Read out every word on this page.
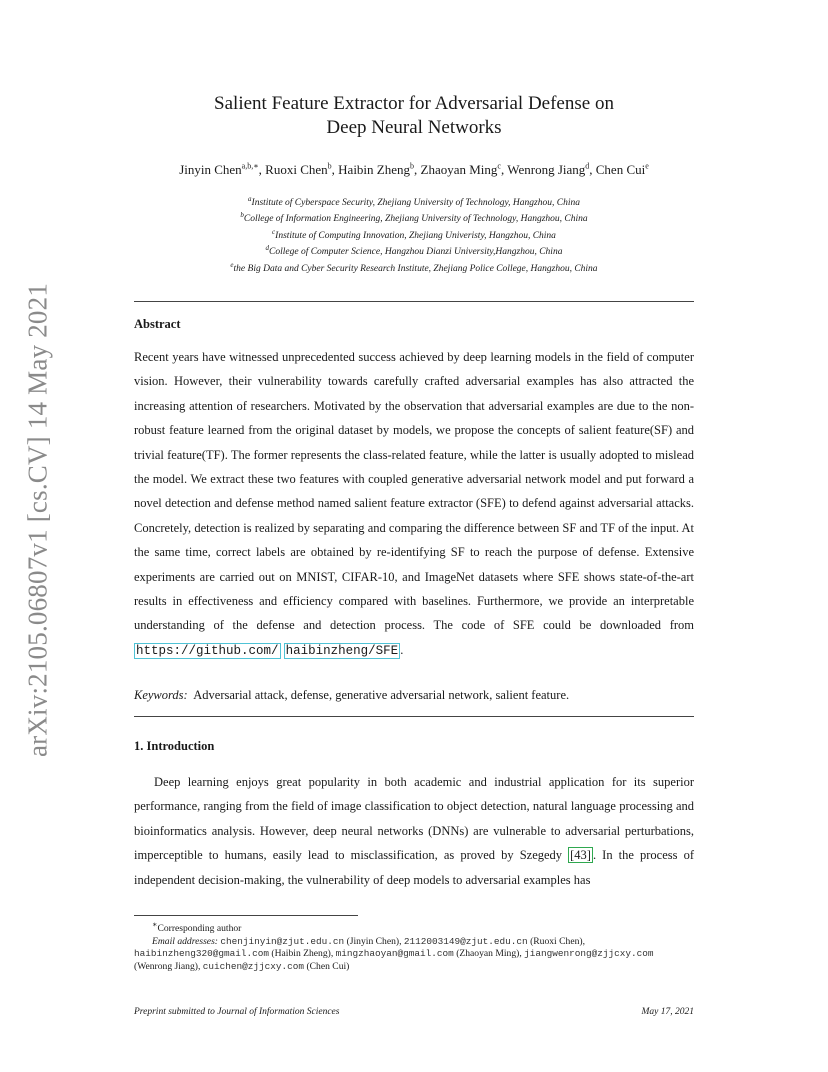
arXiv:2105.06807v1 [cs.CV] 14 May 2021
Salient Feature Extractor for Adversarial Defense on
Deep Neural Networks
Jinyin Chen$^{a,b,∗}$, Ruoxi Chen$^b$, Haibin Zheng$^b$, Zhaoyan Ming$^c$, Wenrong Jiang$^d$, Chen Cui$^e$
$^a$Institute of Cyberspace Security, Zhejiang University of Technology, Hangzhou, China
$^b$College of Information Engineering, Zhejiang University of Technology, Hangzhou, China
$^c$Institute of Computing Innovation, Zhejiang Univeristy, Hangzhou, China
$^d$College of Computer Science, Hangzhou Dianzi University,Hangzhou, China
$^e$the Big Data and Cyber Security Research Institute, Zhejiang Police College, Hangzhou, China
Abstract

Recent years have witnessed unprecedented success achieved by deep learning models in the field of computer vision. However, their vulnerability towards carefully crafted adversarial examples has also attracted the increasing attention of researchers. Motivated by the observation that adversarial examples are due to the non-robust feature learned from the original dataset by models, we propose the concepts of salient feature(SF) and trivial feature(TF). The former represents the class-related feature, while the latter is usually adopted to mislead the model. We extract these two features with coupled generative adversarial network model and put forward a novel detection and defense method named salient feature extractor (SFE) to defend against adversarial attacks. Concretely, detection is realized by separating and comparing the difference between SF and TF of the input. At the same time, correct labels are obtained by re-identifying SF to reach the purpose of defense. Extensive experiments are carried out on MNIST, CIFAR-10, and ImageNet datasets where SFE shows state-of-the-art results in effectiveness and efficiency compared with baselines. Furthermore, we provide an interpretable understanding of the defense and detection process. The code of SFE could be downloaded from https://github.com/ haibinzheng/SFE .

Keywords: Adversarial attack, defense, generative adversarial network, salient feature.
1. Introduction

Deep learning enjoys great popularity in both academic and industrial application for its superior performance, ranging from the field of image classification to object detection, natural language processing and bioinformatics analysis. However, deep neural networks (DNNs) are vulnerable to adversarial perturbations, imperceptible to humans, easily lead to misclassification, as proved by Szegedy [43] . In the process of independent decision-making, the vulnerability of deep models to adversarial examples has

∗Corresponding author
Email addresses: chenjinyin@zjut.edu.cn (Jinyin Chen), 2112003149@zjut.edu.cn (Ruoxi Chen), haibinzheng320@gmail.com (Haibin Zheng), mingzhaoyan@gmail.com (Zhaoyan Ming), jiangwenrong@zjjcxy.com (Wenrong Jiang), cuichen@zjjcxy.com (Chen Cui)

Preprint submitted to Journal of Information Sciences	May 17, 2021
